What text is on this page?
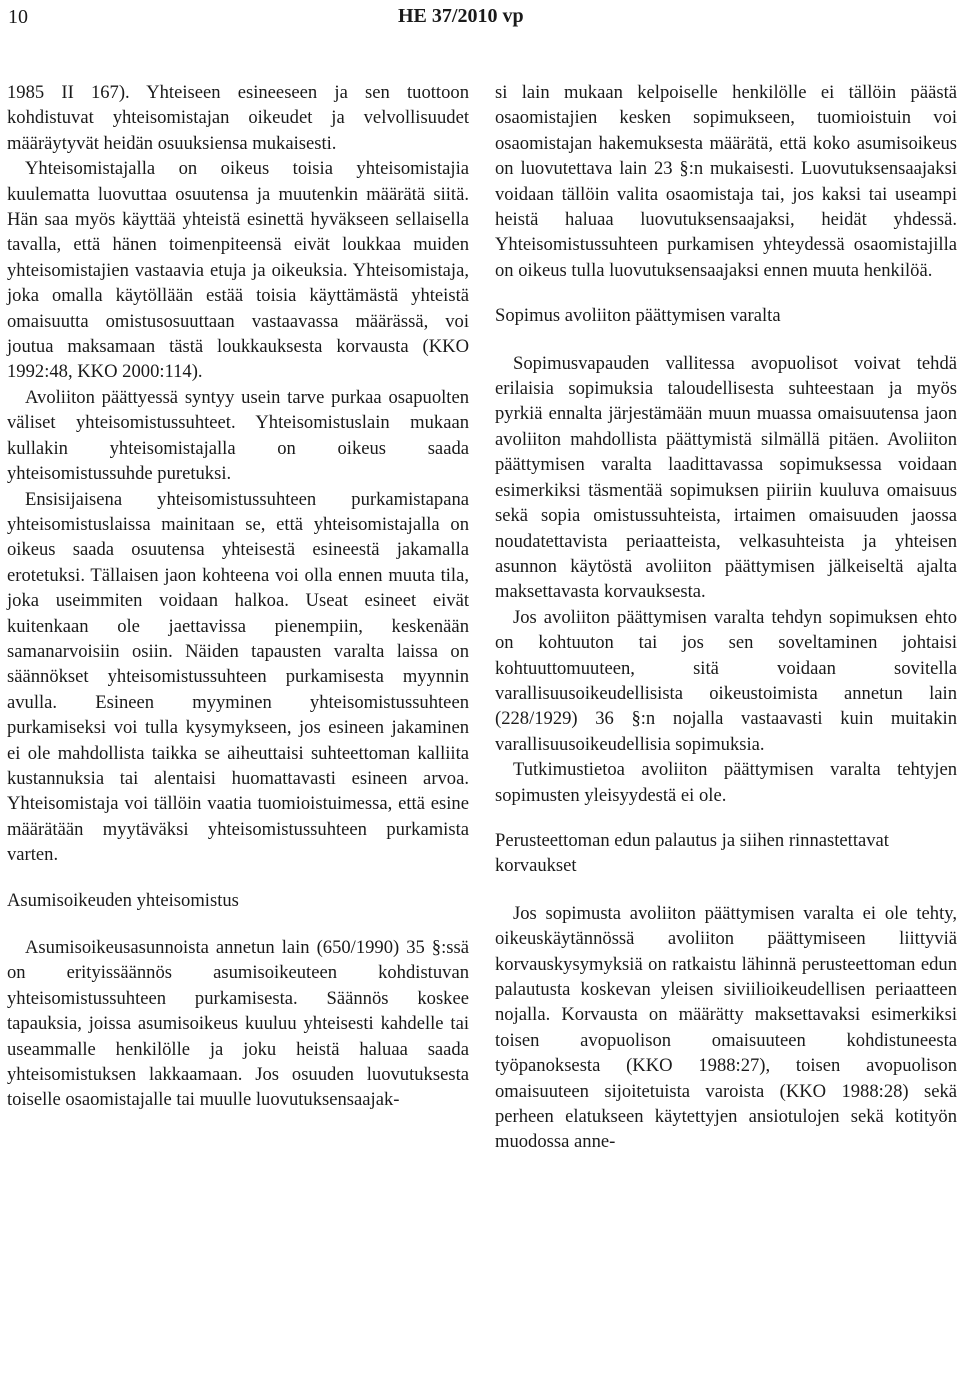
10	HE 37/2010 vp

1985 II 167). Yhteiseen esineeseen ja sen tuottoon kohdistuvat yhteisomistajan oikeudet ja velvollisuudet määräytyvät heidän osuuksiensa mukaisesti.

Yhteisomistajalla on oikeus toisia yhteisomistajia kuulematta luovuttaa osuutensa ja muutenkin määrätä siitä. Hän saa myös käyttää yhteistä esinettä hyväkseen sellaisella tavalla, että hänen toimenpiteensä eivät loukkaa muiden yhteisomistajien vastaavia etuja ja oikeuksia. Yhteisomistaja, joka omalla käytöllään estää toisia käyttämästä yhteistä omaisuutta omistusosuuttaan vastaavassa määrässä, voi joutua maksamaan tästä loukkauksesta korvausta (KKO 1992:48, KKO 2000:114).

Avoliiton päättyessä syntyy usein tarve purkaa osapuolten väliset yhteisomistussuhteet. Yhteisomistuslain mukaan kullakin yhteisomistajalla on oikeus saada yhteisomistussuhde puretuksi.

Ensisijaisena yhteisomistussuhteen purkamistapana yhteisomistuslaissa mainitaan se, että yhteisomistajalla on oikeus saada osuutensa yhteisestä esineestä jakamalla erotetuksi. Tällaisen jaon kohteena voi olla ennen muuta tila, joka useimmiten voidaan halkoa. Useat esineet eivät kuitenkaan ole jaettavissa pienempiin, keskenään samanarvoisiin osiin. Näiden tapausten varalta laissa on säännökset yhteisomistussuhteen purkamisesta myynnin avulla. Esineen myyminen yhteisomistussuhteen purkamiseksi voi tulla kysymykseen, jos esineen jakaminen ei ole mahdollista taikka se aiheuttaisi suhteettoman kalliita kustannuksia tai alentaisi huomattavasti esineen arvoa. Yhteisomistaja voi tällöin vaatia tuomioistuimessa, että esine määrätään myytäväksi yhteisomistussuhteen purkamista varten.

Asumisoikeuden yhteisomistus

Asumisoikeusasunnoista annetun lain (650/1990) 35 §:ssä on erityissäännös asumisoikeuteen kohdistuvan yhteisomistussuhteen purkamisesta. Säännös koskee tapauksia, joissa asumisoikeus kuuluu yhteisesti kahdelle tai useammalle henkilölle ja joku heistä haluaa saada yhteisomistuksen lakkaamaan. Jos osuuden luovutuksesta toiselle osaomistajalle tai muulle luovutuksensaajak-

si lain mukaan kelpoiselle henkilölle ei tällöin päästä osaomistajien kesken sopimukseen, tuomioistuin voi osaomistajan hakemuksesta määrätä, että koko asumisoikeus on luovutettava lain 23 §:n mukaisesti. Luovutuksensaajaksi voidaan tällöin valita osaomistaja tai, jos kaksi tai useampi heistä haluaa luovutuksensaajaksi, heidät yhdessä. Yhteisomistussuhteen purkamisen yhteydessä osaomistajilla on oikeus tulla luovutuksensaajaksi ennen muuta henkilöä.

Sopimus avoliiton päättymisen varalta

Sopimusvapauden vallitessa avopuolisot voivat tehdä erilaisia sopimuksia taloudellisesta suhteestaan ja myös pyrkiä ennalta järjestämään muun muassa omaisuutensa jaon avoliiton mahdollista päättymistä silmällä pitäen. Avoliiton päättymisen varalta laadittavassa sopimuksessa voidaan esimerkiksi täsmentää sopimuksen piiriin kuuluva omaisuus sekä sopia omistussuhteista, irtaimen omaisuuden jaossa noudatettavista periaatteista, velkasuhteista ja yhteisen asunnon käytöstä avoliiton päättymisen jälkeiseltä ajalta maksettavasta korvauksesta.

Jos avoliiton päättymisen varalta tehdyn sopimuksen ehto on kohtuuton tai jos sen soveltaminen johtaisi kohtuuttomuuteen, sitä voidaan sovitella varallisuusoikeudellisista oikeustoimista annetun lain (228/1929) 36 §:n nojalla vastaavasti kuin muitakin varallisuusoikeudellisia sopimuksia.

Tutkimustietoa avoliiton päättymisen varalta tehtyjen sopimusten yleisyydestä ei ole.

Perusteettoman edun palautus ja siihen rinnastettavat korvaukset

Jos sopimusta avoliiton päättymisen varalta ei ole tehty, oikeuskäytännössä avoliiton päättymiseen liittyviä korvauskysymyksiä on ratkaistu lähinnä perusteettoman edun palautusta koskevan yleisen siviilioikeudellisen periaatteen nojalla. Korvausta on määrätty maksettavaksi esimerkiksi toisen avopuolison omaisuuteen kohdistuneesta työpanoksesta (KKO 1988:27), toisen avopuolison omaisuuteen sijoitetuista varoista (KKO 1988:28) sekä perheen elatukseen käytettyjen ansiotulojen sekä kotityön muodossa anne-
